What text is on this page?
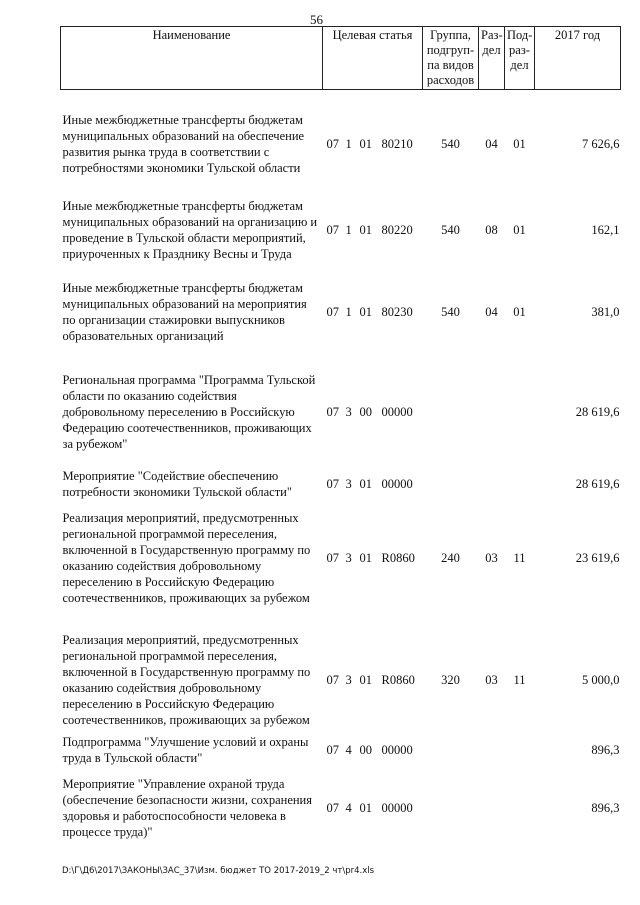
56
Наименование	Целевая статья	Группа, подгруп-па видов расходов	Раз-дел	Под-раз-дел	2017 год

Иные межбюджетные трансферты бюджетам муниципальных образований на обеспечение развития рынка труда в соответствии с потребностями экономики Тульской области	07 1 01 80210	540	04	01	7 626,6

Иные межбюджетные трансферты бюджетам муниципальных образований на организацию и проведение в Тульской области мероприятий, приуроченных к Празднику Весны и Труда	07 1 01 80220	540	08	01	162,1

Иные межбюджетные трансферты бюджетам муниципальных образований на мероприятия по организации стажировки выпускников образовательных организаций	07 1 01 80230	540	04	01	381,0

Региональная программа "Программа Тульской области по оказанию содействия добровольному переселению в Российскую Федерацию соотечественников, проживающих за рубежом"	07 3 00 00000				28 619,6

Мероприятие "Содействие обеспечению потребности экономики Тульской области"	07 3 01 00000				28 619,6

Реализация мероприятий, предусмотренных региональной программой переселения, включенной в Государственную программу по оказанию содействия добровольному переселению в Российскую Федерацию соотечественников, проживающих за рубежом	07 3 01 R0860	240	03	11	23 619,6

Реализация мероприятий, предусмотренных региональной программой переселения, включенной в Государственную программу по оказанию содействия добровольному переселению в Российскую Федерацию соотечественников, проживающих за рубежом	07 3 01 R0860	320	03	11	5 000,0

Подпрограмма "Улучшение условий и охраны труда в Тульской области"	07 4 00 00000				896,3

Мероприятие "Управление охраной труда (обеспечение безопасности жизни, сохранения здоровья и работоспособности человека в процессе труда)"	07 4 01 00000				896,3
D:\Г\Д6\2017\ЗАКОНЫ\ЗАС_37\Изм. бюджет ТО 2017-2019_2 чт\pr4.xls
